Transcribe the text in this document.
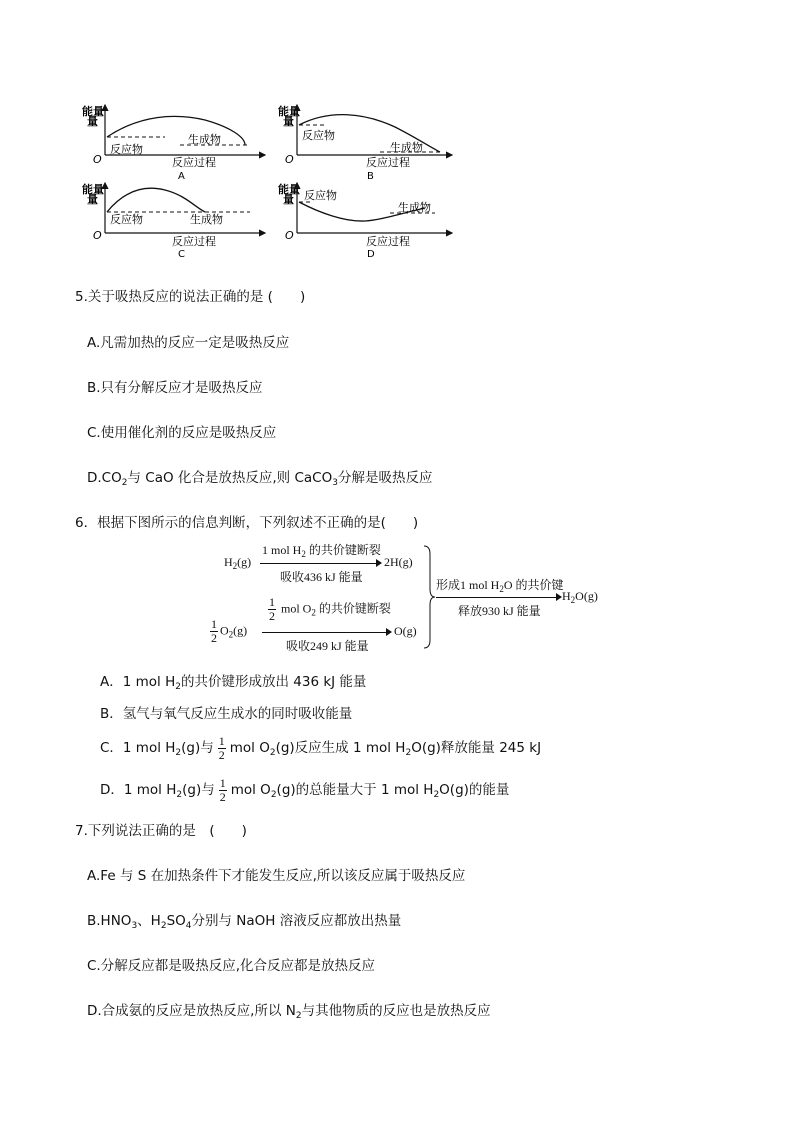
能量
量
O
反应物
生成物
反应过程
A
能量
量
O
反应物
生成物
反应过程
B
能量
量
O
反应物	生成物
反应过程
C
能量
量
O
反应物
生成物
反应过程
D
5.关于吸热反应的说法正确的是 (　　)
A.凡需加热的反应一定是吸热反应
B.只有分解反应才是吸热反应
C.使用催化剂的反应是吸热反应
$D.CO_2$与 CaO 化合是放热反应,则 CaCO$_3$分解是吸热反应
6．根据下图所示的信息判断，下列叙述不正确的是(　　)
$H_2(g)$
1 mol $H_2$ 的共价键断裂
吸收436 kJ 能量
2H(g)
$\frac{1}{2} O_2(g)$
$\frac{1}{2}$ mol $O_2$ 的共价键断裂
吸收249 kJ 能量
O(g)
形成1 mol $H_2O$ 的共价键
释放930 kJ 能量
$H_2O(g)$
A．1 mol $H_2$的共价键形成放出 436 kJ 能量
B．氢气与氧气反应生成水的同时吸收能量
C．1 mol $H_2(g)$与 $\frac{1}{2}$ mol $O_2(g)$反应生成 1 mol $H_2O(g)$释放能量 245 kJ
D．1 mol $H_2(g)$与 $\frac{1}{2}$ mol $O_2(g)$的总能量大于 1 mol $H_2O(g)$的能量
7.下列说法正确的是　(　　)
A.Fe 与 S 在加热条件下才能发生反应,所以该反应属于吸热反应
$B.HNO_3$、$H_2SO_4$分别与 NaOH 溶液反应都放出热量
C.分解反应都是吸热反应,化合反应都是放热反应
D.合成氨的反应是放热反应,所以 $N_2$与其他物质的反应也是放热反应
